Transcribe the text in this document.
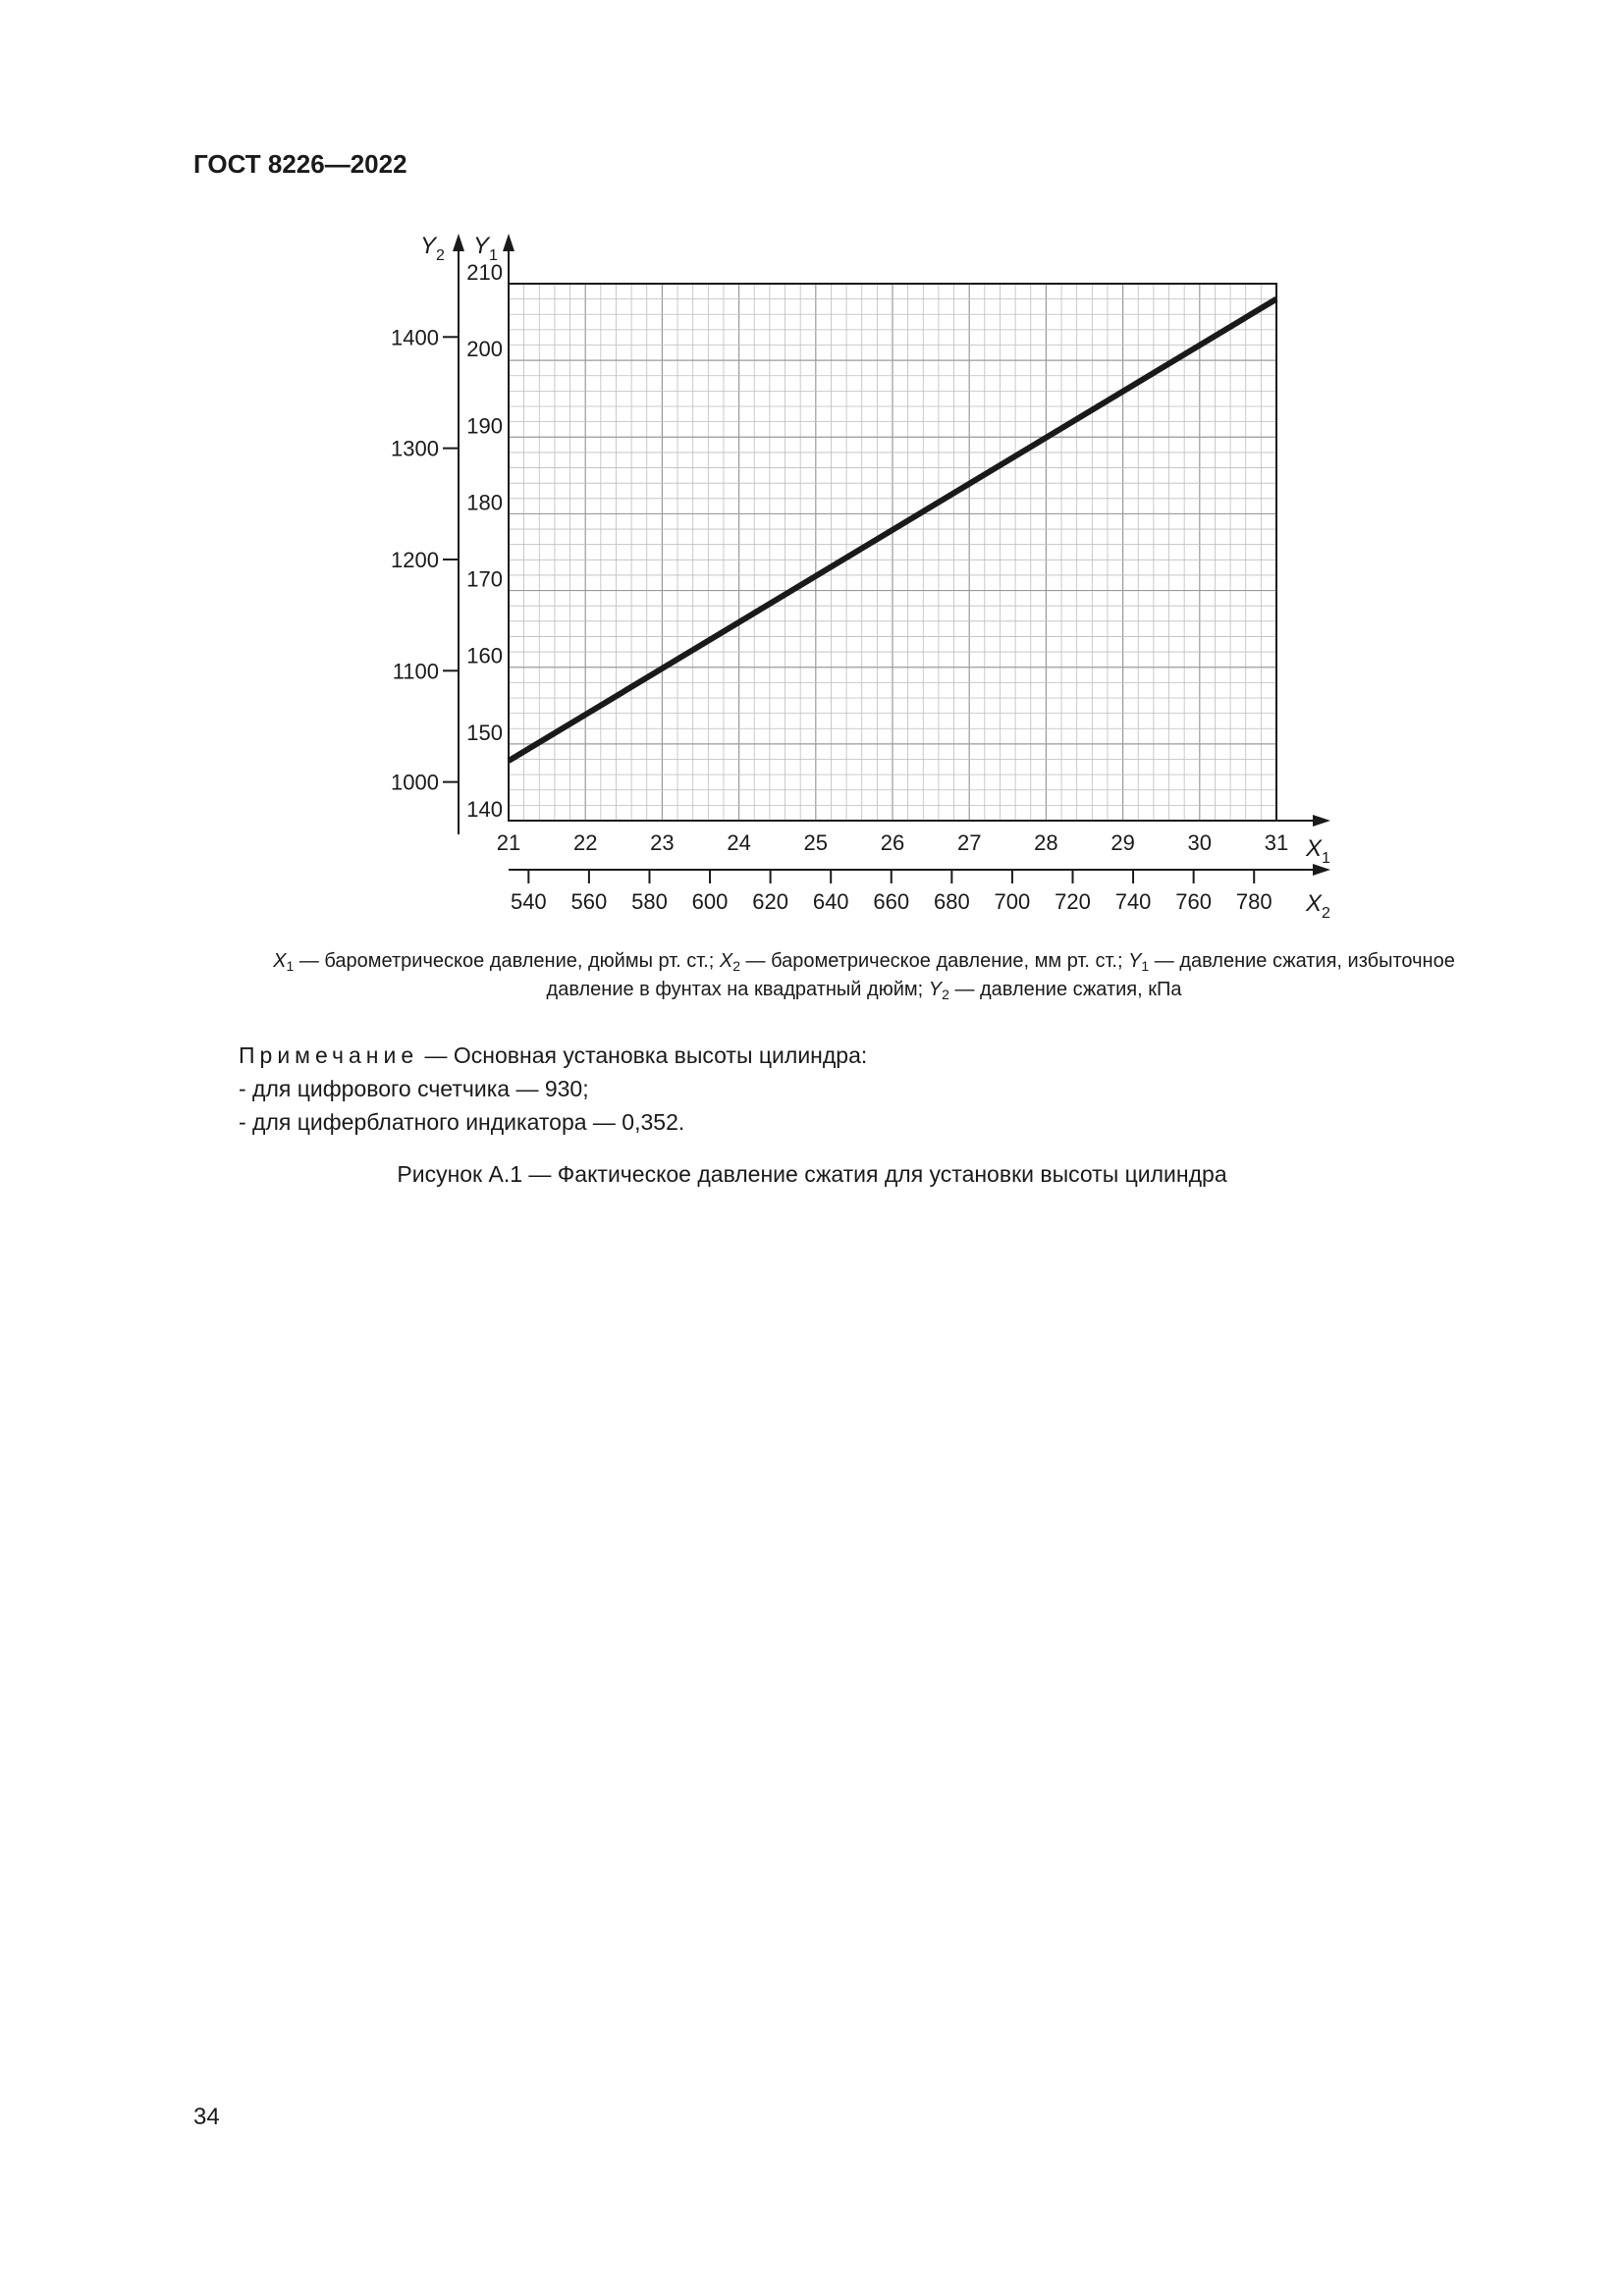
ГОСТ 8226—2022
21 22 23 24 25 26 27 28 29 30 31
140
150
160
170
180
190
200
210
1000
1100
1200
1300
1400
540 560 580 600 620 640 660 680 700 720 740 760 780
$Y_2$ $Y_1$
$X_1$
$X_2$
$X_1$ — барометрическое давление, дюймы рт. ст.; $X_2$ — барометрическое давление, мм рт. ст.; $Y_1$ — давление сжатия, избыточное
давление в фунтах на квадратный дюйм; $Y_2$ — давление сжатия, кПа
Примечание — Основная установка высоты цилиндра:
- для цифрового счетчика — 930;
- для циферблатного индикатора — 0,352.
Рисунок А.1 — Фактическое давление сжатия для установки высоты цилиндра
34
